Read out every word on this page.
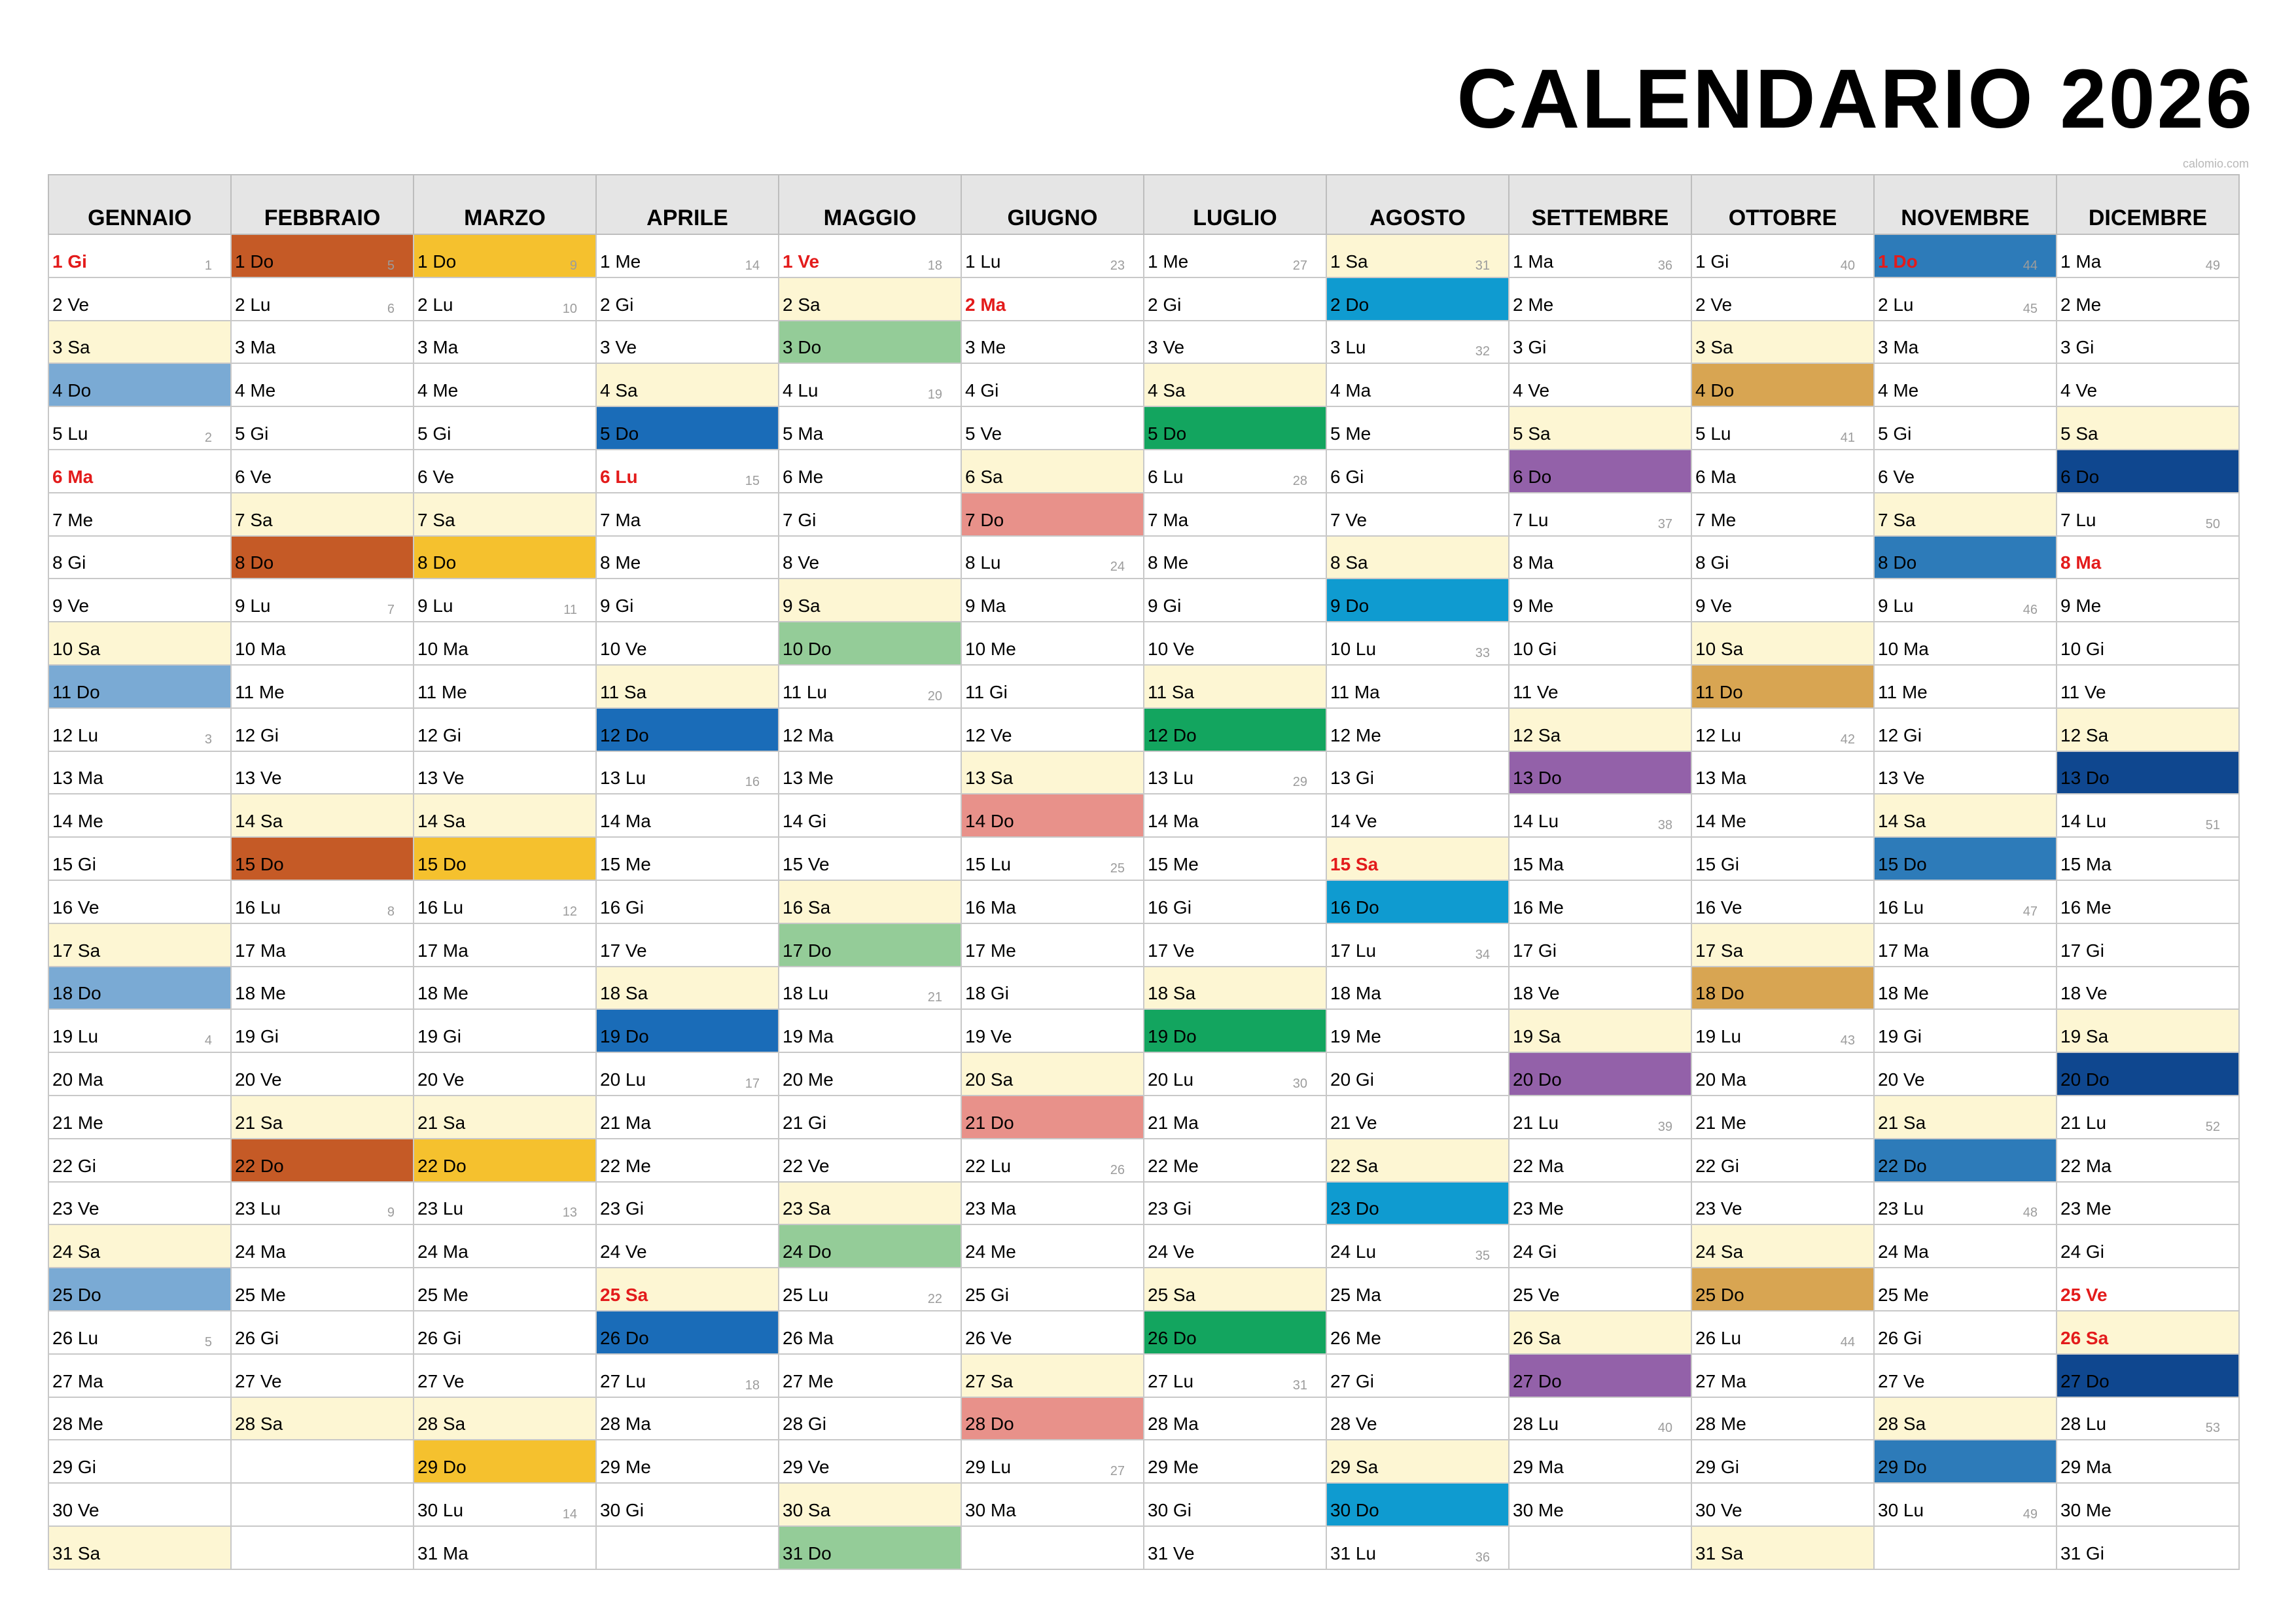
CALENDARIO 2026
calomio.com
GENNAIO	FEBBRAIO	MARZO	APRILE	MAGGIO	GIUGNO	LUGLIO	AGOSTO	SETTEMBRE	OTTOBRE	NOVEMBRE	DICEMBRE

1 Gi 1	1 Do 5	1 Do 9	1 Me 14	1 Ve 18	1 Lu 23	1 Me 27	1 Sa 31	1 Ma 36	1 Gi 40	1 Do 44	1 Ma 49

2 Ve	2 Lu 6	2 Lu 10	2 Gi	2 Sa	2 Ma	2 Gi	2 Do	2 Me	2 Ve	2 Lu 45	2 Me

3 Sa	3 Ma	3 Ma	3 Ve	3 Do	3 Me	3 Ve	3 Lu 32	3 Gi	3 Sa	3 Ma	3 Gi

4 Do	4 Me	4 Me	4 Sa	4 Lu 19	4 Gi	4 Sa	4 Ma	4 Ve	4 Do	4 Me	4 Ve

5 Lu 2	5 Gi	5 Gi	5 Do	5 Ma	5 Ve	5 Do	5 Me	5 Sa	5 Lu 41	5 Gi	5 Sa

6 Ma	6 Ve	6 Ve	6 Lu 15	6 Me	6 Sa	6 Lu 28	6 Gi	6 Do	6 Ma	6 Ve	6 Do

7 Me	7 Sa	7 Sa	7 Ma	7 Gi	7 Do	7 Ma	7 Ve	7 Lu 37	7 Me	7 Sa	7 Lu 50

8 Gi	8 Do	8 Do	8 Me	8 Ve	8 Lu 24	8 Me	8 Sa	8 Ma	8 Gi	8 Do	8 Ma

9 Ve	9 Lu 7	9 Lu 11	9 Gi	9 Sa	9 Ma	9 Gi	9 Do	9 Me	9 Ve	9 Lu 46	9 Me

10 Sa	10 Ma	10 Ma	10 Ve	10 Do	10 Me	10 Ve	10 Lu 33	10 Gi	10 Sa	10 Ma	10 Gi

11 Do	11 Me	11 Me	11 Sa	11 Lu 20	11 Gi	11 Sa	11 Ma	11 Ve	11 Do	11 Me	11 Ve

12 Lu 3	12 Gi	12 Gi	12 Do	12 Ma	12 Ve	12 Do	12 Me	12 Sa	12 Lu 42	12 Gi	12 Sa

13 Ma	13 Ve	13 Ve	13 Lu 16	13 Me	13 Sa	13 Lu 29	13 Gi	13 Do	13 Ma	13 Ve	13 Do

14 Me	14 Sa	14 Sa	14 Ma	14 Gi	14 Do	14 Ma	14 Ve	14 Lu 38	14 Me	14 Sa	14 Lu 51

15 Gi	15 Do	15 Do	15 Me	15 Ve	15 Lu 25	15 Me	15 Sa	15 Ma	15 Gi	15 Do	15 Ma

16 Ve	16 Lu 8	16 Lu 12	16 Gi	16 Sa	16 Ma	16 Gi	16 Do	16 Me	16 Ve	16 Lu 47	16 Me

17 Sa	17 Ma	17 Ma	17 Ve	17 Do	17 Me	17 Ve	17 Lu 34	17 Gi	17 Sa	17 Ma	17 Gi

18 Do	18 Me	18 Me	18 Sa	18 Lu 21	18 Gi	18 Sa	18 Ma	18 Ve	18 Do	18 Me	18 Ve

19 Lu 4	19 Gi	19 Gi	19 Do	19 Ma	19 Ve	19 Do	19 Me	19 Sa	19 Lu 43	19 Gi	19 Sa

20 Ma	20 Ve	20 Ve	20 Lu 17	20 Me	20 Sa	20 Lu 30	20 Gi	20 Do	20 Ma	20 Ve	20 Do

21 Me	21 Sa	21 Sa	21 Ma	21 Gi	21 Do	21 Ma	21 Ve	21 Lu 39	21 Me	21 Sa	21 Lu 52

22 Gi	22 Do	22 Do	22 Me	22 Ve	22 Lu 26	22 Me	22 Sa	22 Ma	22 Gi	22 Do	22 Ma

23 Ve	23 Lu 9	23 Lu 13	23 Gi	23 Sa	23 Ma	23 Gi	23 Do	23 Me	23 Ve	23 Lu 48	23 Me

24 Sa	24 Ma	24 Ma	24 Ve	24 Do	24 Me	24 Ve	24 Lu 35	24 Gi	24 Sa	24 Ma	24 Gi

25 Do	25 Me	25 Me	25 Sa	25 Lu 22	25 Gi	25 Sa	25 Ma	25 Ve	25 Do	25 Me	25 Ve

26 Lu 5	26 Gi	26 Gi	26 Do	26 Ma	26 Ve	26 Do	26 Me	26 Sa	26 Lu 44	26 Gi	26 Sa

27 Ma	27 Ve	27 Ve	27 Lu 18	27 Me	27 Sa	27 Lu 31	27 Gi	27 Do	27 Ma	27 Ve	27 Do

28 Me	28 Sa	28 Sa	28 Ma	28 Gi	28 Do	28 Ma	28 Ve	28 Lu 40	28 Me	28 Sa	28 Lu 53

29 Gi		29 Do	29 Me	29 Ve	29 Lu 27	29 Me	29 Sa	29 Ma	29 Gi	29 Do	29 Ma

30 Ve		30 Lu 14	30 Gi	30 Sa	30 Ma	30 Gi	30 Do	30 Me	30 Ve	30 Lu 49	30 Me

31 Sa		31 Ma		31 Do		31 Ve	31 Lu 36		31 Sa		31 Gi
